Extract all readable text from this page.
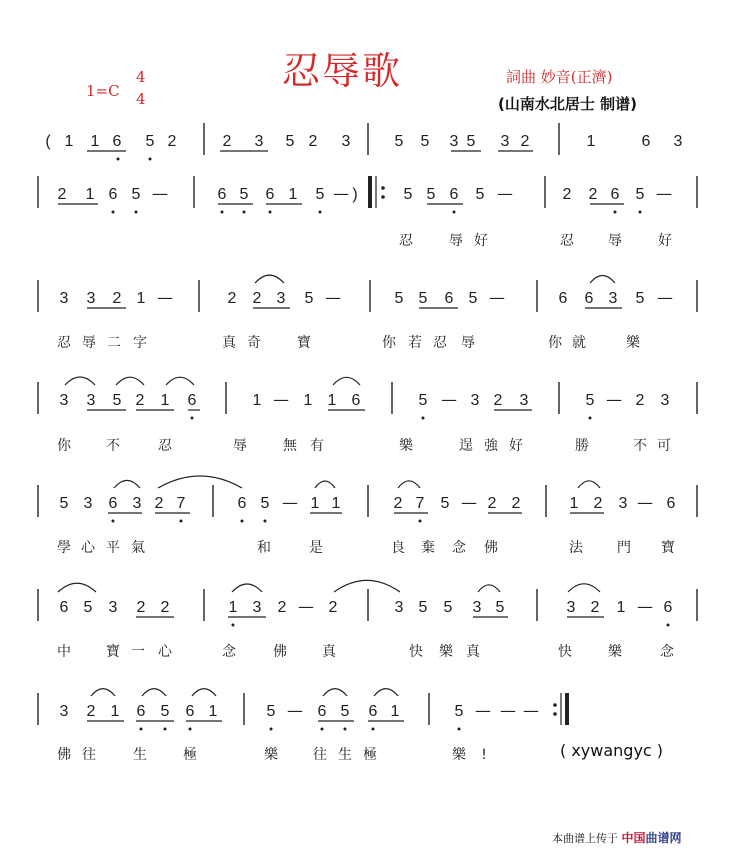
( 1 1 6 5 2	2 3 5 2 3	5 5 3 5 3 2	1	6 3
2 1 6 5 —	6 5 6 1 5 — )	5 5 6 5 —	2 2 6 5 —
忍	辱 好	忍 辱	好
3 3 2 1 —	2 2 3 5 —	5 5 6 5 —	6 6 3 5 —
忍 辱 二 字	真 奇	寶	你 若 忍 辱	你 就	樂
3 3 5 2 1 6	1 — 1 1 6	5 — 3 2 3	5 — 2 3
你	不	忍	辱	無 有	樂	逞 強 好	勝	不 可
5 3 6 3 2 7	6 5 — 1 1	2 7 5 — 2 2	1 2 3 — 6
學 心 平 氣	和	是	良 棄 念 佛	法 門 寶
6 5 3 2 2	1 3 2 — 2	3 5 5 3 5	3 2 1 — 6
中	寶 一 心	念	佛	真	快 樂 真	快	樂	念
3 2 1 6 5 6 1	5 — 6 5 6 1	5 — — —
佛 往	生	極	樂	往 生 極	樂 !
忍辱歌
1=C
4
4
詞曲 妙音(正濟)
(山南水北居士 制谱)
( xywangyc )
本曲谱上传于 中国曲谱网
